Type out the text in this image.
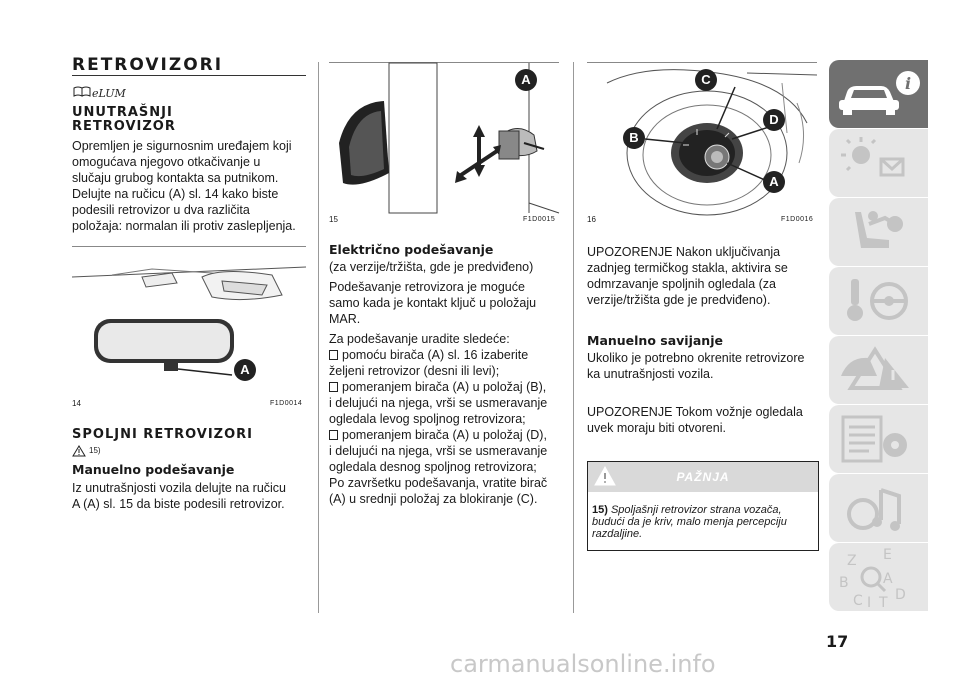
RETROVIZORI
eLUM
UNUTRAŠNJI
RETROVIZOR

Opremljen je sigurnosnim uređajem koji

omogućava njegovo otkačivanje u

slučaju grubog kontakta sa putnikom.

Delujte na ručicu (A) sl. 14 kako biste

podesili retrovizor u dva različita

položaja: normalan ili protiv zaslepljenja.

A
14	F1D0014
SPOLJNI RETROVIZORI
15)
Manuelno podešavanje

Iz unutrašnjosti vozila delujte na ručicu

A (A) sl. 15 da biste podesili retrovizor.

A
15	F1D0015
Električno podešavanje

(za verzije/tržišta, gde je predviđeno)

Podešavanje retrovizora je moguće

samo kada je kontakt ključ u položaju

MAR.

Za podešavanje uradite sledeće:

pomoću birača (A) sl. 16 izaberite

željeni retrovizor (desni ili levi);

pomeranjem birača (A) u položaj (B),

i delujući na njega, vrši se usmeravanje

ogledala levog spoljnog retrovizora;

pomeranjem birača (A) u položaj (D),

i delujući na njega, vrši se usmeravanje

ogledala desnog spoljnog retrovizora;

Po završetku podešavanja, vratite birač

(A) u srednji položaj za blokiranje (C).

C
D
B
A
16	F1D0016

UPOZORENJE Nakon uključivanja

zadnjeg termičkog stakla, aktivira se

odmrzavanje spoljnih ogledala (za

verzije/tržišta gde je predviđeno).

Manuelno savijanje

Ukoliko je potrebno okrenite retrovizore

ka unutrašnjosti vozila.

UPOZORENJE Tokom vožnje ogledala

uvek moraju biti otvoreni.

PAŽNJA
15) Spoljašnji retrovizor strana vozača,
budući da je kriv, malo menja percepciju
razdaljine.
i
Z E
B A
C D
I T
17
carmanualsonline.info
